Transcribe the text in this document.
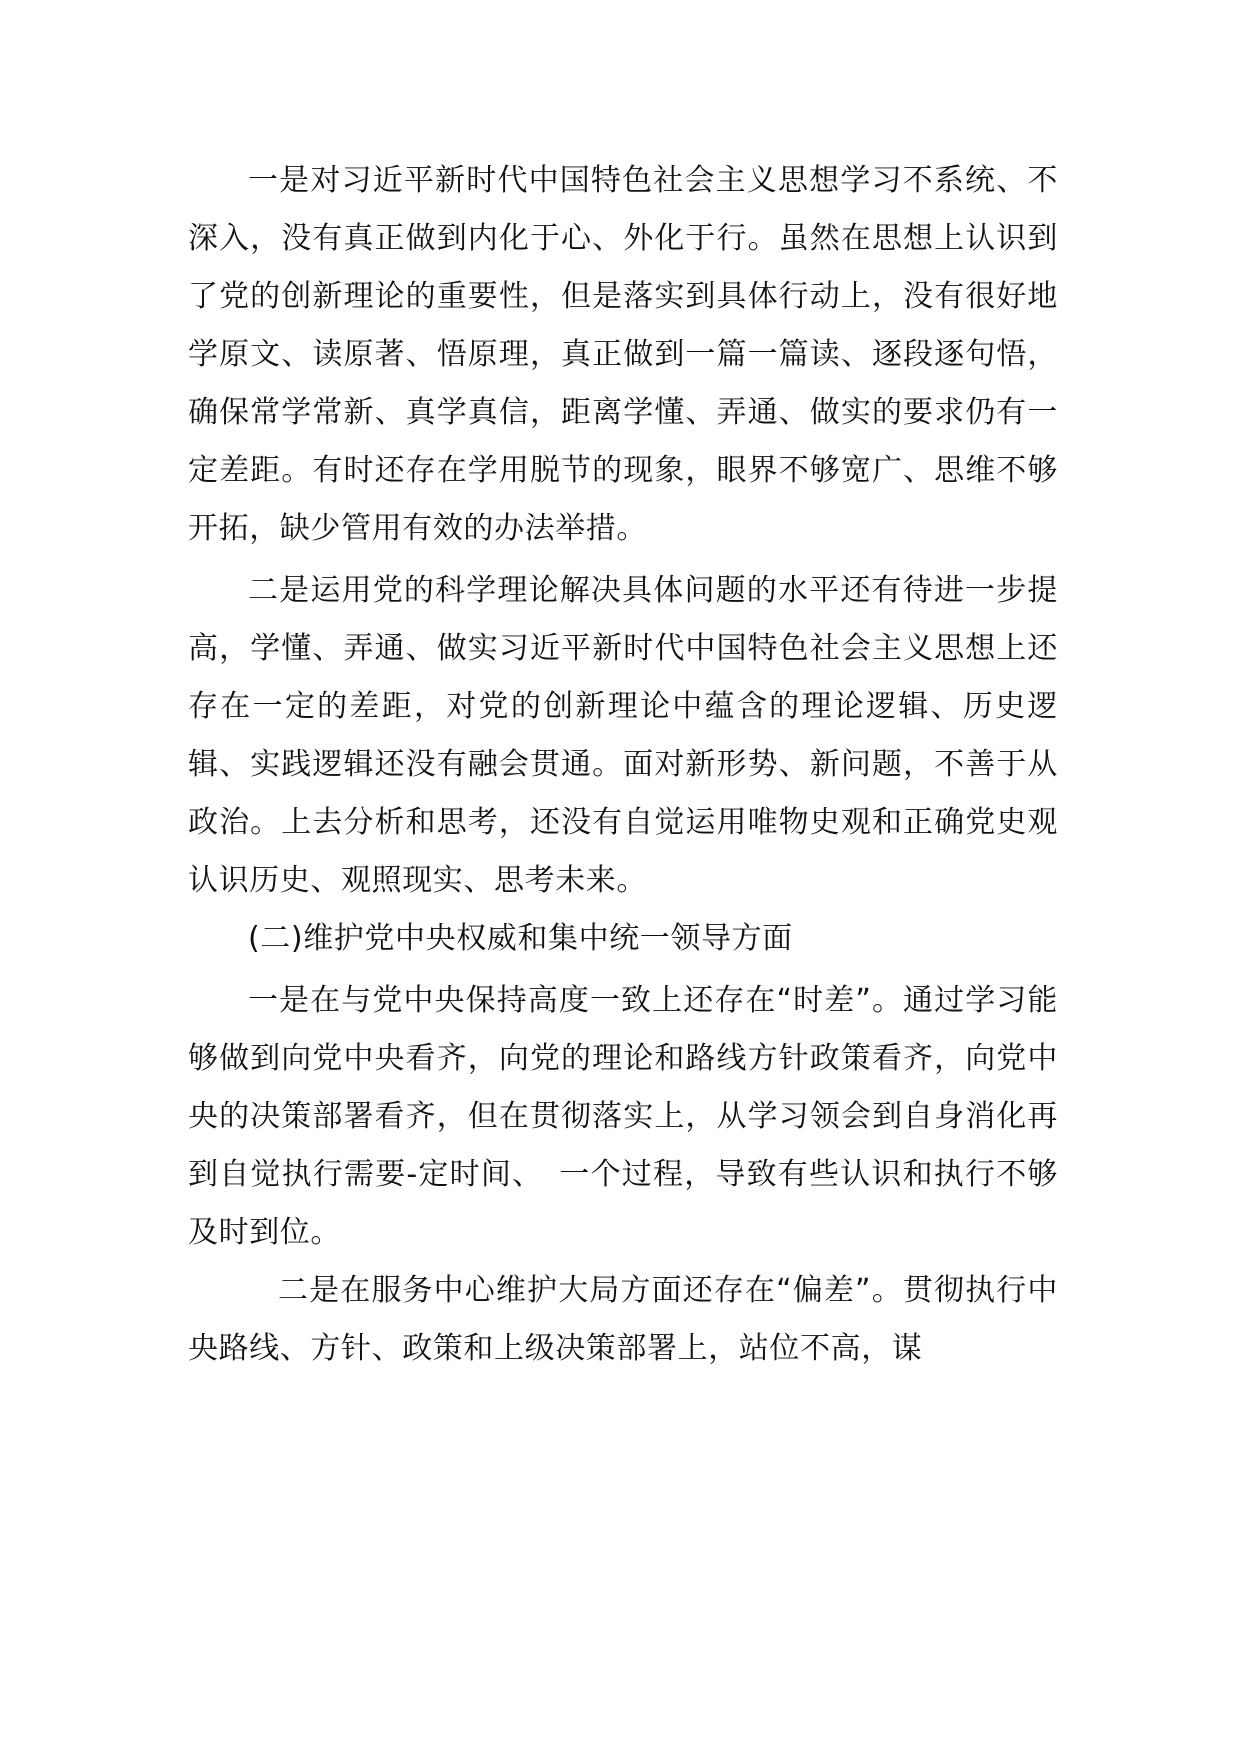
一是对习近平新时代中国特色社会主义思想学习不系统、不深入，没有真正做到内化于心、外化于行。虽然在思想上认识到了党的创新理论的重要性，但是落实到具体行动上，没有很好地学原文、读原著、悟原理，真正做到一篇一篇读、逐段逐句悟，确保常学常新、真学真信，距离学懂、弄通、做实的要求仍有一定差距。有时还存在学用脱节的现象，眼界不够宽广、思维不够开拓，缺少管用有效的办法举措。

二是运用党的科学理论解决具体问题的水平还有待进一步提高，学懂、弄通、做实习近平新时代中国特色社会主义思想上还存在一定的差距，对党的创新理论中蕴含的理论逻辑、历史逻辑、实践逻辑还没有融会贯通。面对新形势、新问题，不善于从政治。上去分析和思考，还没有自觉运用唯物史观和正确党史观认识历史、观照现实、思考未来。

(二)维护党中央权威和集中统一领导方面

一是在与党中央保持高度一致上还存在“时差”。通过学习能够做到向党中央看齐，向党的理论和路线方针政策看齐，向党中央的决策部署看齐，但在贯彻落实上，从学习领会到自身消化再到自觉执行需要-定时间、　一个过程，导致有些认识和执行不够及时到位。

二是在服务中心维护大局方面还存在“偏差”。贯彻执行中央路线、方针、政策和上级决策部署上，站位不高，谋
